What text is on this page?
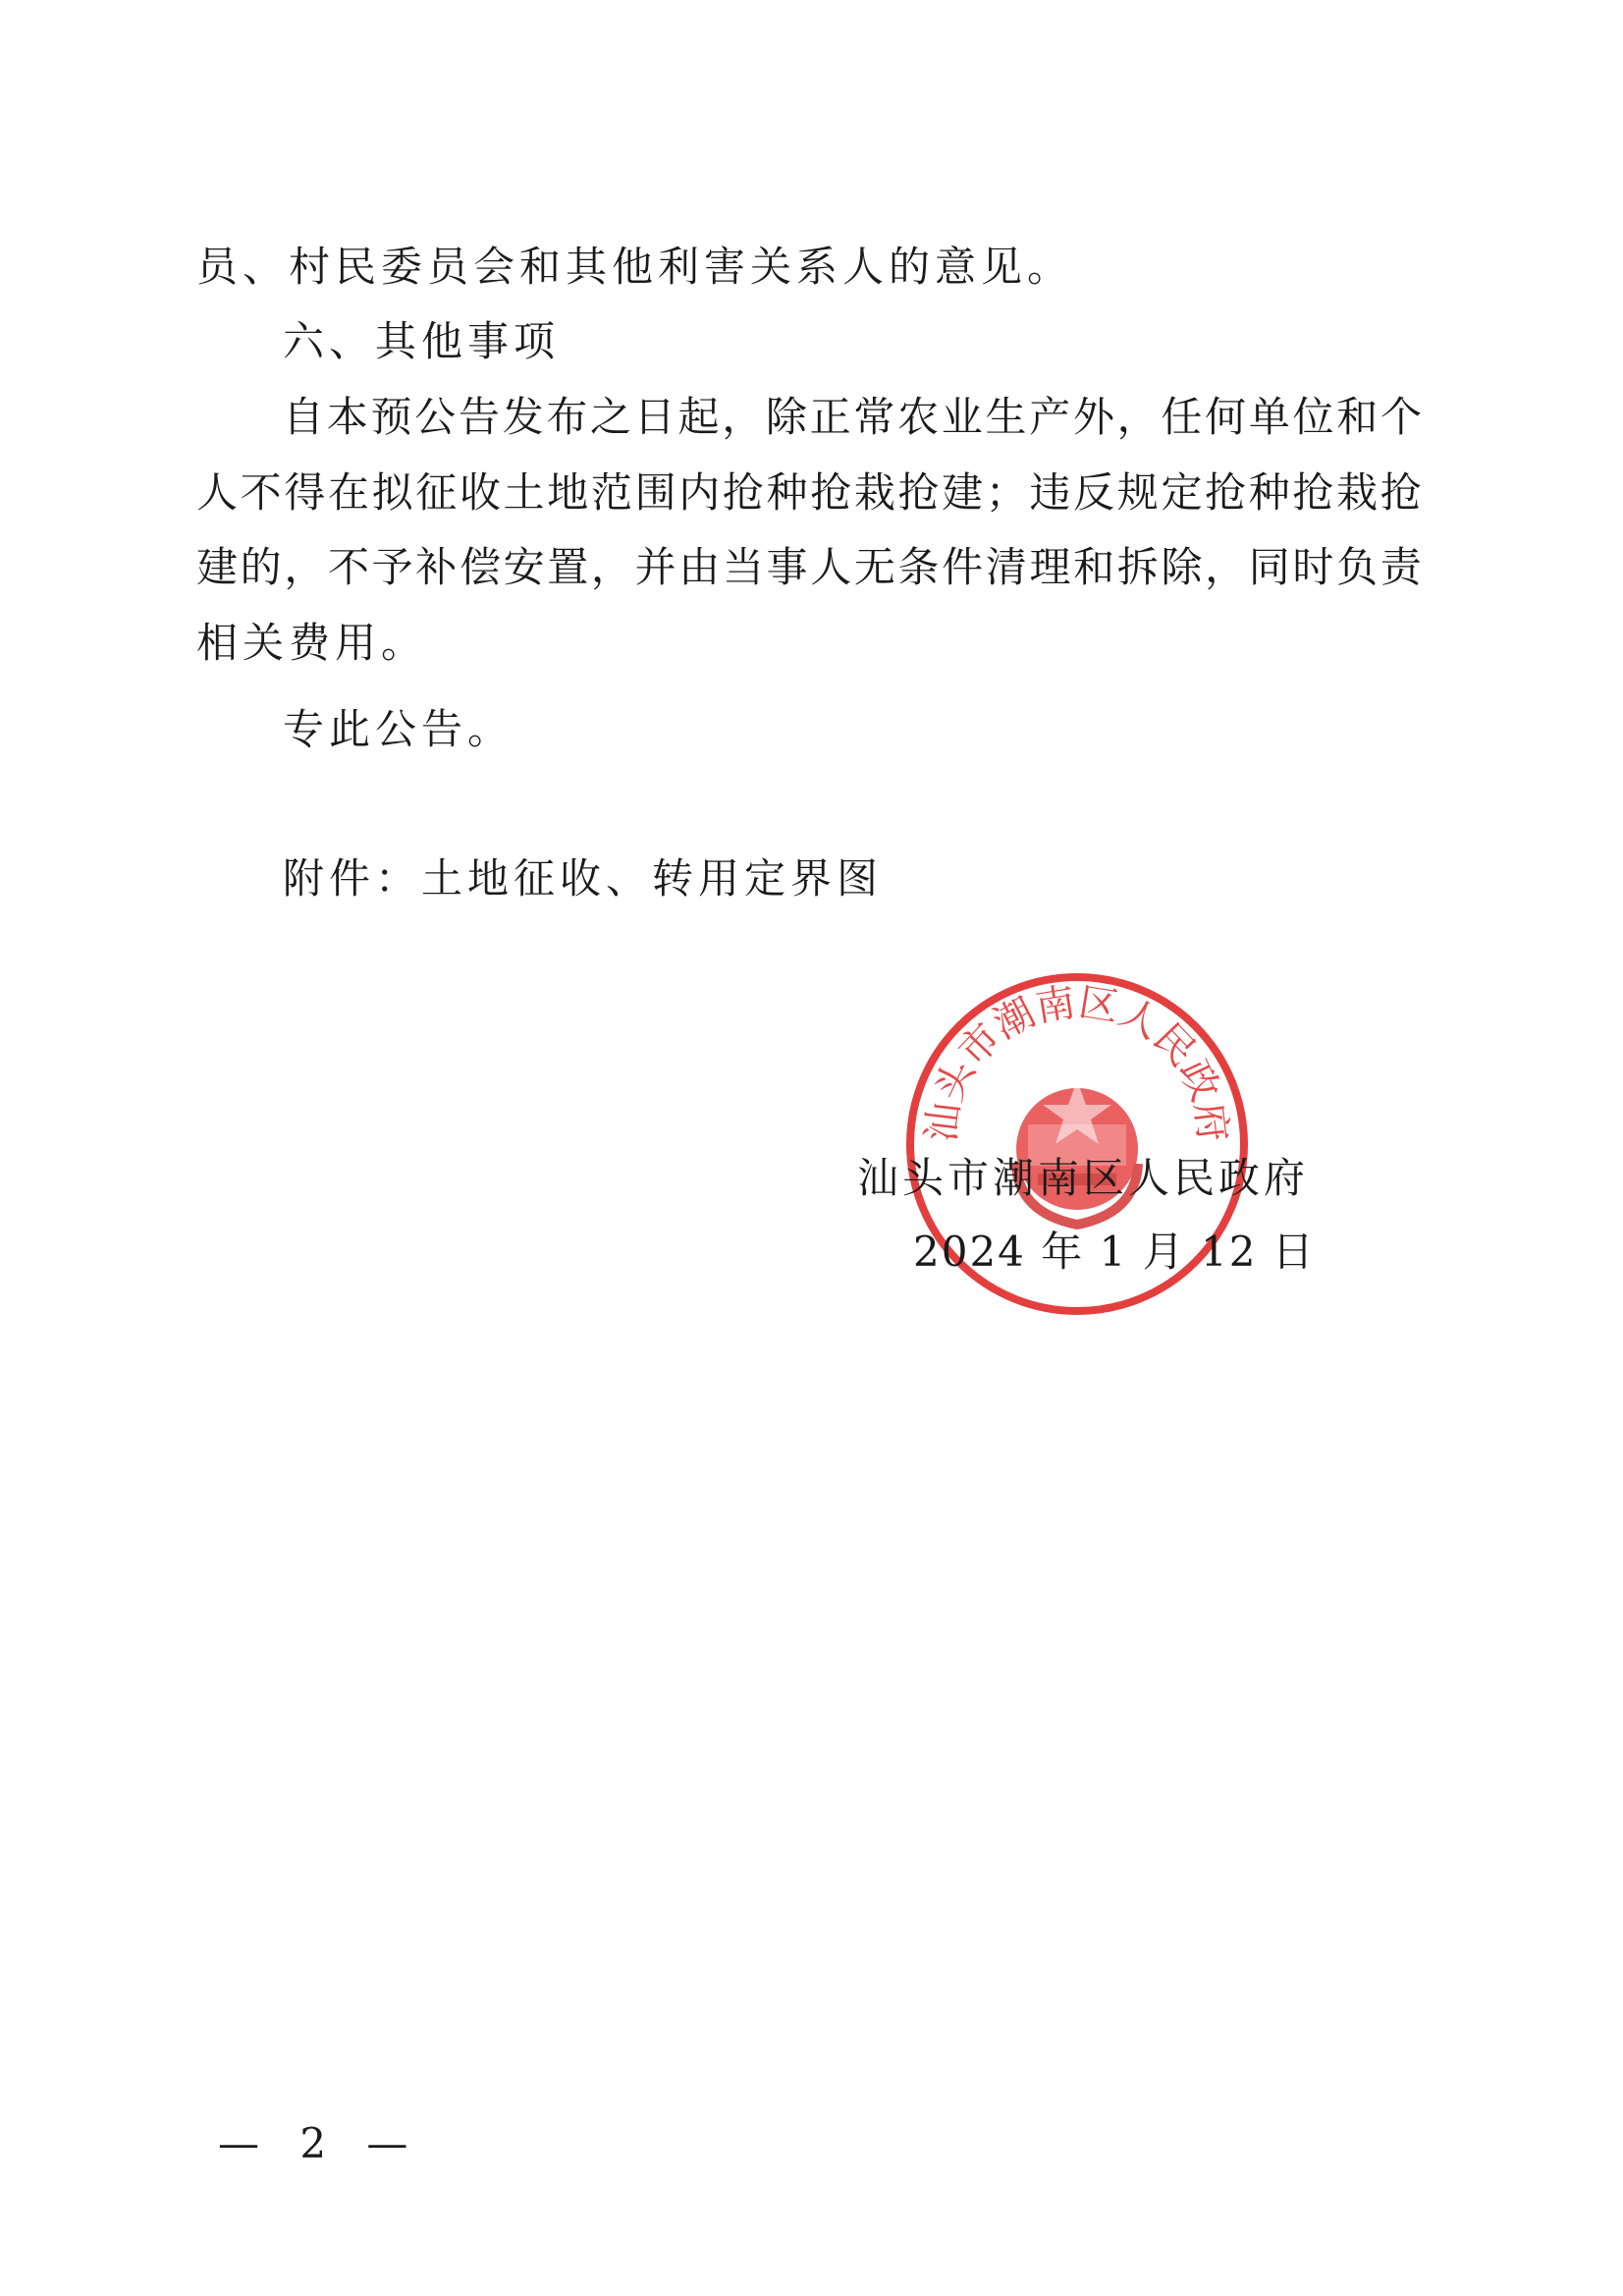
员、村民委员会和其他利害关系人的意见。
六、其他事项
自 本 预 公 告 发 布 之 日 起 ， 除 正 常 农 业 生 产 外 ， 任 何 单 位 和 个
人 不 得 在 拟 征 收 土 地 范 围 内 抢 种 抢 栽 抢 建 ； 违 反 规 定 抢 种 抢 栽 抢
建 的 ， 不 予 补 偿 安 置 ， 并 由 当 事 人 无 条 件 清 理 和 拆 除 ， 同 时 负 责
相关费用。
专此公告。
附件：土地征收、转用定界图
汕头市潮南区人民政府
汕头市潮南区人民政府
2024 年 1 月 12 日
— 2 —
